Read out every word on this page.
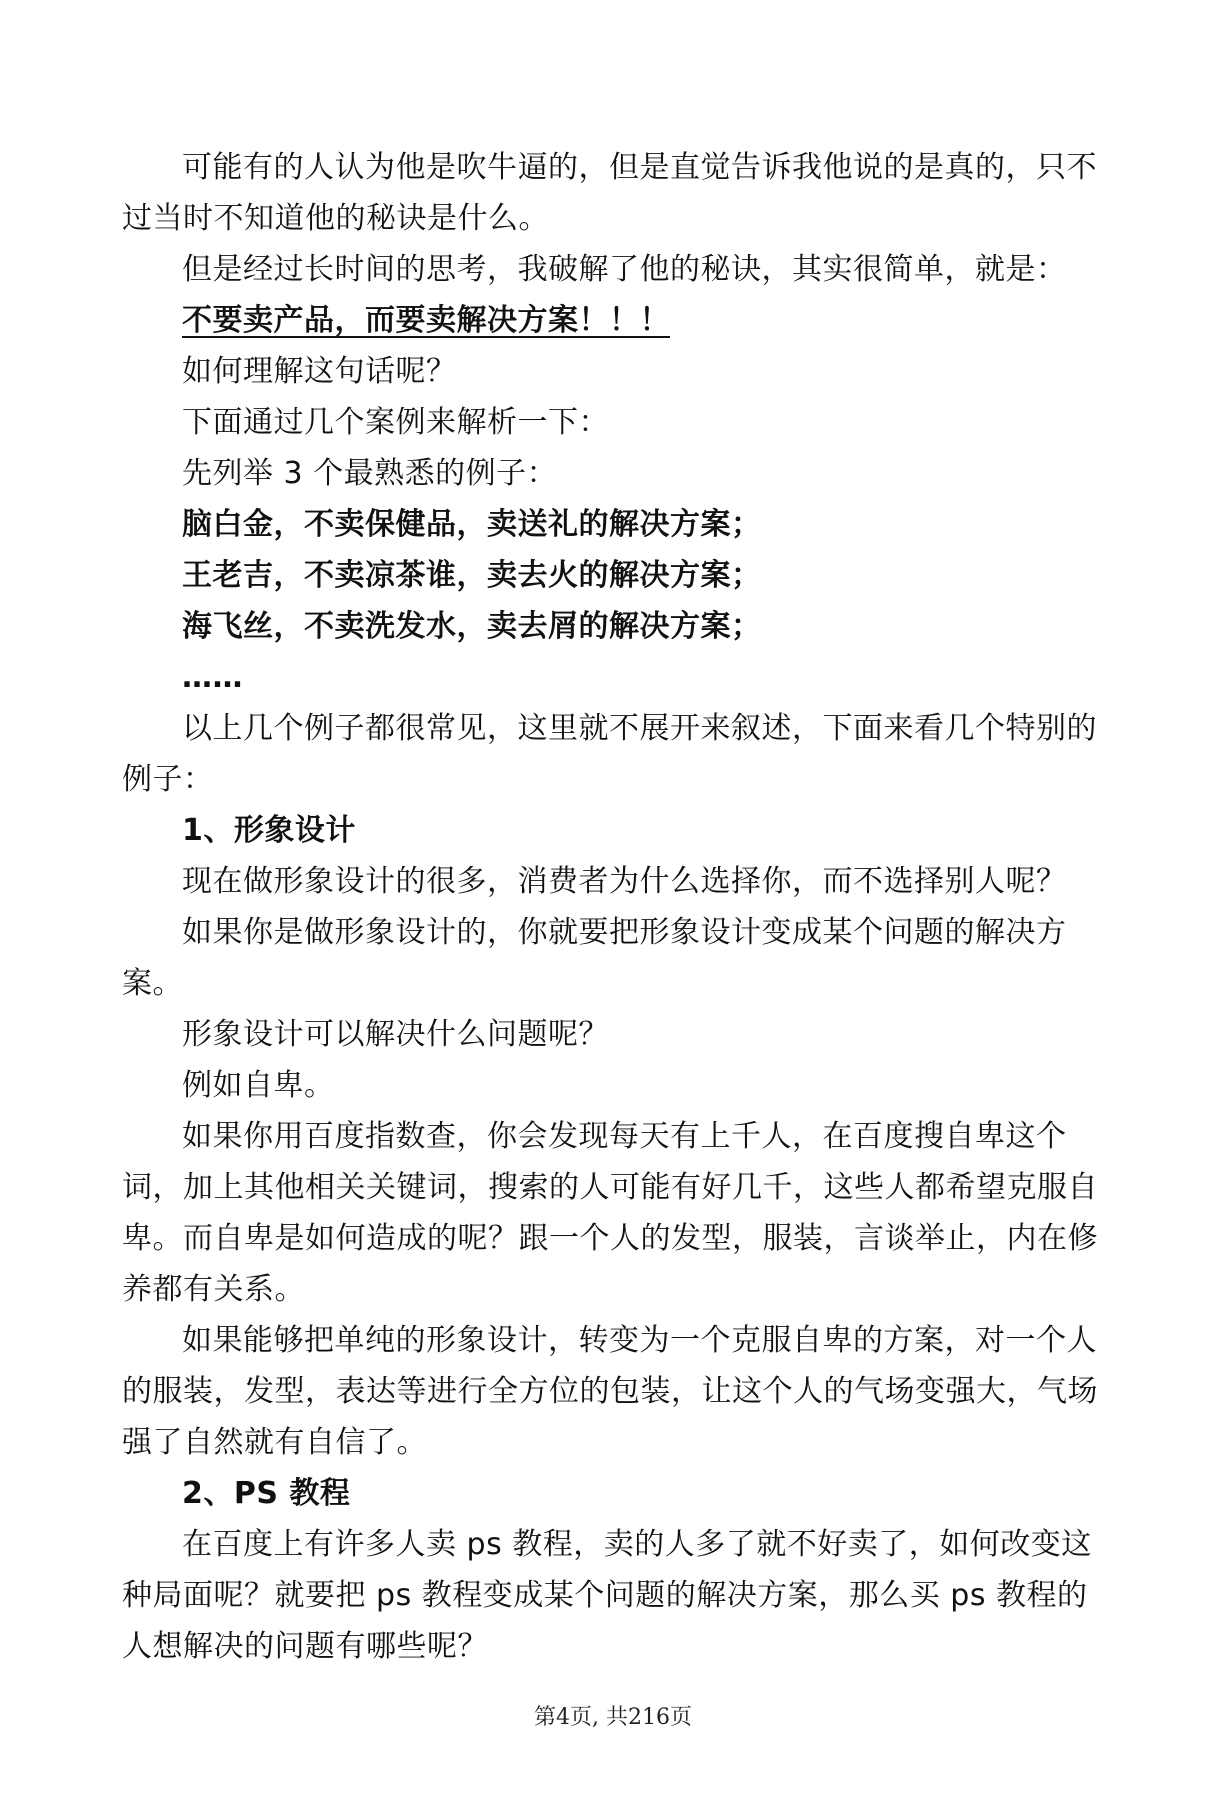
可能有的人认为他是吹牛逼的，但是直觉告诉我他说的是真的，只不过当时不知道他的秘诀是什么。

但是经过长时间的思考，我破解了他的秘诀，其实很简单，就是：

不要卖产品，而要卖解决方案！！！

如何理解这句话呢？

下面通过几个案例来解析一下：

先列举 3 个最熟悉的例子：

脑白金，不卖保健品，卖送礼的解决方案；

王老吉，不卖凉茶谁，卖去火的解决方案；

海飞丝，不卖洗发水，卖去屑的解决方案；

……

以上几个例子都很常见，这里就不展开来叙述，下面来看几个特别的例子：

1、形象设计

现在做形象设计的很多，消费者为什么选择你，而不选择别人呢？

如果你是做形象设计的，你就要把形象设计变成某个问题的解决方案。

形象设计可以解决什么问题呢？

例如自卑。

如果你用百度指数查，你会发现每天有上千人，在百度搜自卑这个词，加上其他相关关键词，搜索的人可能有好几千，这些人都希望克服自卑。而自卑是如何造成的呢？跟一个人的发型，服装，言谈举止，内在修养都有关系。

如果能够把单纯的形象设计，转变为一个克服自卑的方案，对一个人的服装，发型，表达等进行全方位的包装，让这个人的气场变强大，气场强了自然就有自信了。

2、PS 教程

在百度上有许多人卖 ps 教程，卖的人多了就不好卖了，如何改变这种局面呢？就要把 ps 教程变成某个问题的解决方案，那么买 ps 教程的人想解决的问题有哪些呢？

第4页, 共216页
